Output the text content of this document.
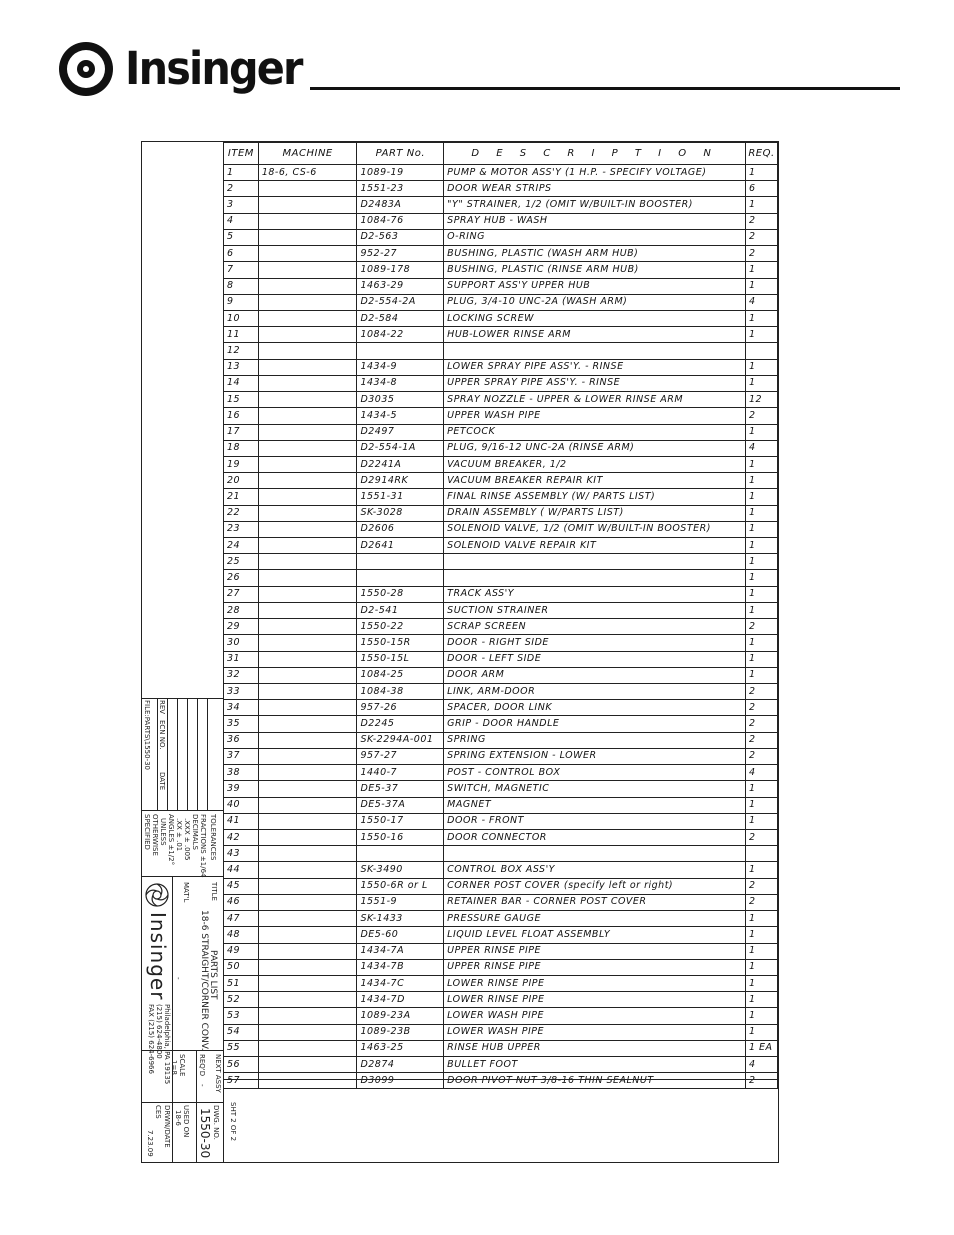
Insinger
FILE:PARTS\1550-30 REV
ECN NO.
DATE
SPECIFIED OTHERWISE UNLESS ANGLES ±1/2° .XX ± .01 .XXX ± .005 DECIMALS FRACTIONS ±1/64 TOLERANCES
Insinger
MAT'L
-
TITLE
18-6 STRAIGHT/CORNER CONV. PARTS LIST
Philadelphia, PA 19135
(215) 624-4800
FAX (215) 624-6966	REQ'D
- NEXT ASSY
SCALE
1=8
USED ON
18-6
DRWN/DATE
CES
7.23.09
DWG. NO.
1550-30
ITEM	MACHINE	PART No.	D E S C R I P T I O N	REQ.
1	18-6, CS-6	1089-19	PUMP & MOTOR ASS'Y (1 H.P. - SPECIFY VOLTAGE)	1
2		1551-23	DOOR WEAR STRIPS	6
3		D2483A	"Y" STRAINER, 1/2 (OMIT W/BUILT-IN BOOSTER)	1
4		1084-76	SPRAY HUB - WASH	2
5		D2-563	O-RING	2
6		952-27	BUSHING, PLASTIC (WASH ARM HUB)	2
7		1089-178	BUSHING, PLASTIC (RINSE ARM HUB)	1
8		1463-29	SUPPORT ASS'Y UPPER HUB	1
9		D2-554-2A	PLUG, 3/4-10 UNC-2A (WASH ARM)	4
10		D2-584	LOCKING SCREW	1
11		1084-22	HUB-LOWER RINSE ARM	1
12				
13		1434-9	LOWER SPRAY PIPE ASS'Y. - RINSE	1
14		1434-8	UPPER SPRAY PIPE ASS'Y. - RINSE	1
15		D3035	SPRAY NOZZLE - UPPER & LOWER RINSE ARM	12
16		1434-5	UPPER WASH PIPE	2
17		D2497	PETCOCK	1
18		D2-554-1A	PLUG, 9/16-12 UNC-2A (RINSE ARM)	4
19		D2241A	VACUUM BREAKER, 1/2	1
20		D2914RK	VACUUM BREAKER REPAIR KIT	1
21		1551-31	FINAL RINSE ASSEMBLY (W/ PARTS LIST)	1
22		SK-3028	DRAIN ASSEMBLY ( W/PARTS LIST)	1
23		D2606	SOLENOID VALVE, 1/2 (OMIT W/BUILT-IN BOOSTER)	1
24		D2641	SOLENOID VALVE REPAIR KIT	1
25				1
26				1
27		1550-28	TRACK ASS'Y	1
28		D2-541	SUCTION STRAINER	1
29		1550-22	SCRAP SCREEN	2
30		1550-15R	DOOR - RIGHT SIDE	1
31		1550-15L	DOOR - LEFT SIDE	1
32		1084-25	DOOR ARM	1
33		1084-38	LINK, ARM-DOOR	2
34		957-26	SPACER, DOOR LINK	2
35		D2245	GRIP - DOOR HANDLE	2
36		SK-2294A-001	SPRING	2
37		957-27	SPRING EXTENSION - LOWER	2
38		1440-7	POST - CONTROL BOX	4
39		DE5-37	SWITCH, MAGNETIC	1
40		DE5-37A	MAGNET	1
41		1550-17	DOOR - FRONT	1
42		1550-16	DOOR CONNECTOR	2
43				
44		SK-3490	CONTROL BOX ASS'Y	1
45		1550-6R or L	CORNER POST COVER (specify left or right)	2
46		1551-9	RETAINER BAR - CORNER POST COVER	2
47		SK-1433	PRESSURE GAUGE	1
48		DE5-60	LIQUID LEVEL FLOAT ASSEMBLY	1
49		1434-7A	UPPER RINSE PIPE	1
50		1434-7B	UPPER RINSE PIPE	1
51		1434-7C	LOWER RINSE PIPE	1
52		1434-7D	LOWER RINSE PIPE	1
53		1089-23A	LOWER WASH PIPE	1
54		1089-23B	LOWER WASH PIPE	1
55		1463-25	RINSE HUB UPPER	1 EA
56		D2874	BULLET FOOT	4
57		D3099	DOOR PIVOT NUT 3/8-16 THIN SEALNUT	2
SHT 2 OF 2
